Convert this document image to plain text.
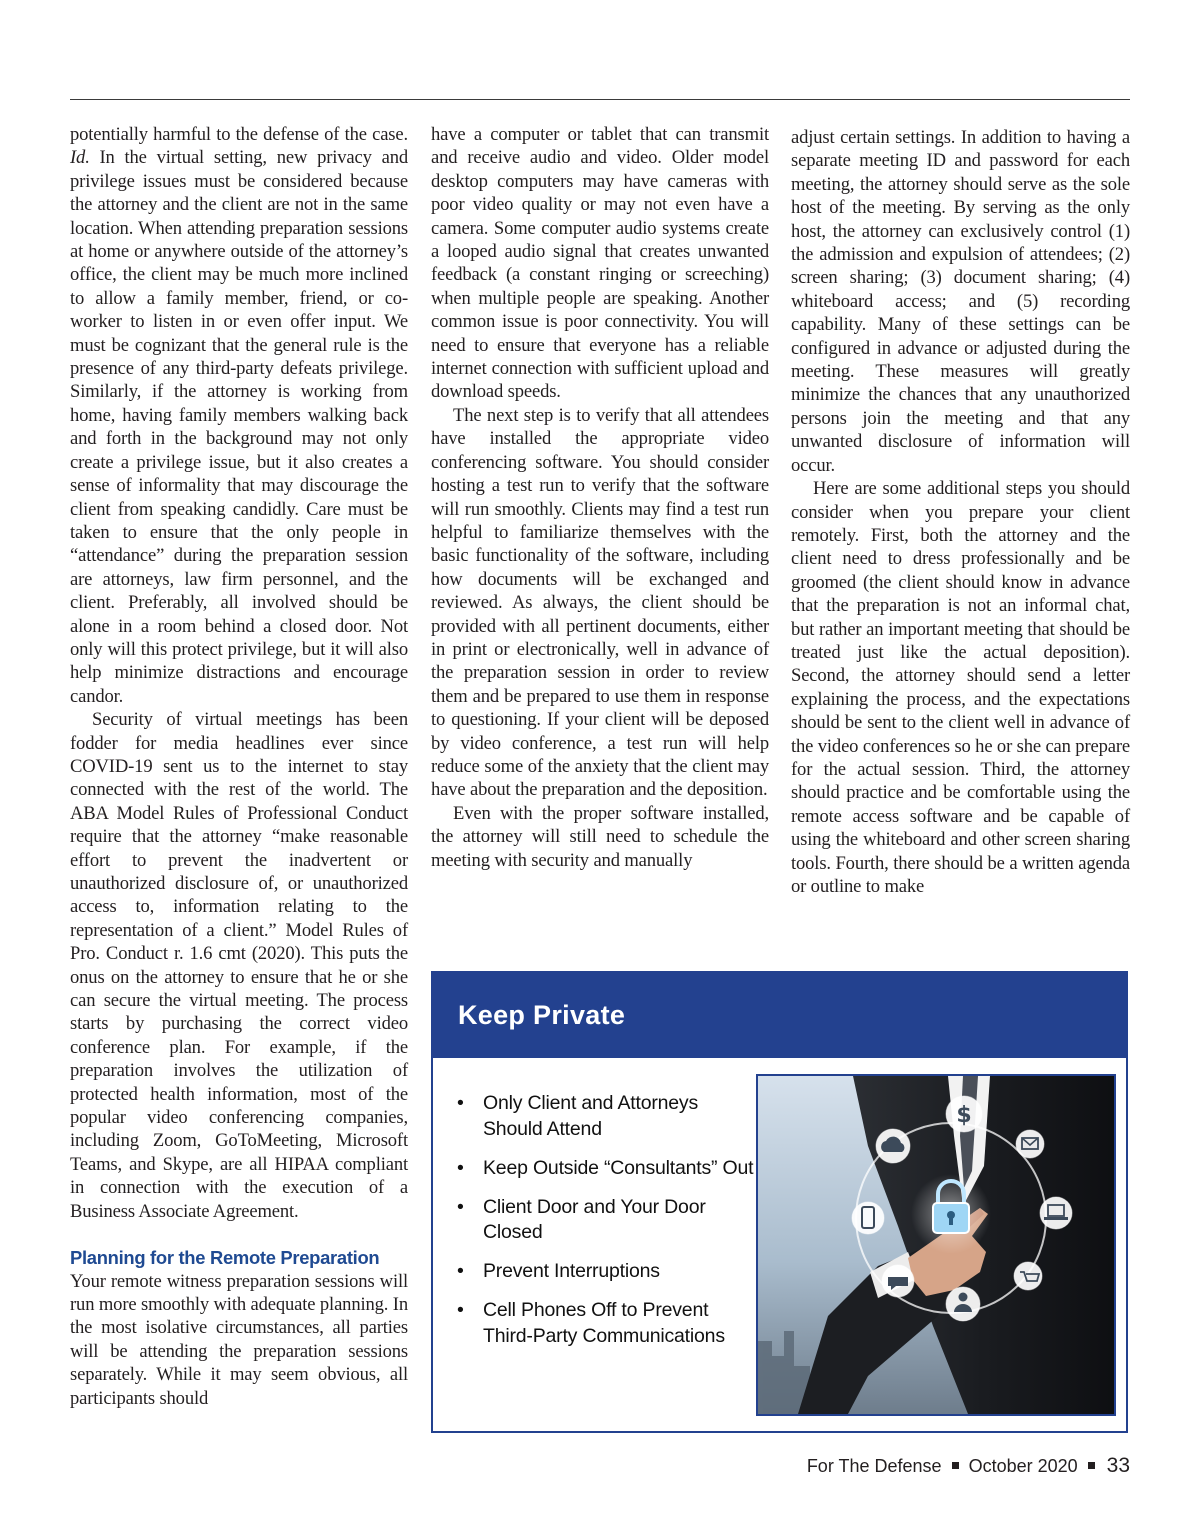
potentially harmful to the defense of the case. Id. In the virtual setting, new privacy and privilege issues must be considered because the attorney and the client are not in the same location. When attending preparation sessions at home or anywhere outside of the attorney’s office, the client may be much more inclined to allow a family member, friend, or co-worker to listen in or even offer input. We must be cognizant that the general rule is the presence of any third-party defeats privilege. Similarly, if the attorney is working from home, having family members walking back and forth in the background may not only create a privilege issue, but it also creates a sense of informality that may discourage the client from speaking candidly. Care must be taken to ensure that the only people in “attendance” during the preparation session are attorneys, law firm personnel, and the client. Preferably, all involved should be alone in a room behind a closed door. Not only will this protect privilege, but it will also help minimize distractions and encourage candor.

Security of virtual meetings has been fodder for media headlines ever since COVID-19 sent us to the internet to stay connected with the rest of the world. The ABA Model Rules of Professional Conduct require that the attorney “make reasonable effort to prevent the inadvertent or unauthorized disclosure of, or unauthorized access to, information relating to the representation of a client.” Model Rules of Pro. Conduct r. 1.6 cmt (2020). This puts the onus on the attorney to ensure that he or she can secure the virtual meeting. The process starts by purchasing the correct video conference plan. For example, if the preparation involves the utilization of protected health information, most of the popular video conferencing companies, including Zoom, GoToMeeting, Microsoft Teams, and Skype, are all HIPAA compliant in connection with the execution of a Business Associate Agreement.

Planning for the Remote Preparation

Your remote witness preparation sessions will run more smoothly with adequate planning. In the most isolative circumstances, all parties will be attending the preparation sessions separately. While it may seem obvious, all participants should

have a computer or tablet that can transmit and receive audio and video. Older model desktop computers may have cameras with poor video quality or may not even have a camera. Some computer audio systems create a looped audio signal that creates unwanted feedback (a constant ringing or screeching) when multiple people are speaking. Another common issue is poor connectivity. You will need to ensure that everyone has a reliable internet connection with sufficient upload and download speeds.

The next step is to verify that all attendees have installed the appropriate video conferencing software. You should consider hosting a test run to verify that the software will run smoothly. Clients may find a test run helpful to familiarize themselves with the basic functionality of the software, including how documents will be exchanged and reviewed. As always, the client should be provided with all pertinent documents, either in print or electronically, well in advance of the preparation session in order to review them and be prepared to use them in response to questioning. If your client will be deposed by video conference, a test run will help reduce some of the anxiety that the client may have about the preparation and the deposition.

Even with the proper software installed, the attorney will still need to schedule the meeting with security and manually

adjust certain settings. In addition to having a separate meeting ID and password for each meeting, the attorney should serve as the sole host of the meeting. By serving as the only host, the attorney can exclusively control (1) the admission and expulsion of attendees; (2) screen sharing; (3) document sharing; (4) whiteboard access; and (5) recording capability. Many of these settings can be configured in advance or adjusted during the meeting. These measures will greatly minimize the chances that any unauthorized persons join the meeting and that any unwanted disclosure of information will occur.

Here are some additional steps you should consider when you prepare your client remotely. First, both the attorney and the client need to dress professionally and be groomed (the client should know in advance that the preparation is not an informal chat, but rather an important meeting that should be treated just like the actual deposition). Second, the attorney should send a letter explaining the process, and the expectations should be sent to the client well in advance of the video conferences so he or she can prepare for the actual session. Third, the attorney should practice and be comfortable using the remote access software and be capable of using the whiteboard and other screen sharing tools. Fourth, there should be a written agenda or outline to make

Keep Private
• Only Client and Attorneys Should Attend
• Keep Outside “Consultants” Out
• Client Door and Your Door Closed
• Prevent Interruptions
• Cell Phones Off to Prevent Third-Party Communications
$
For The Defense October 2020 33
